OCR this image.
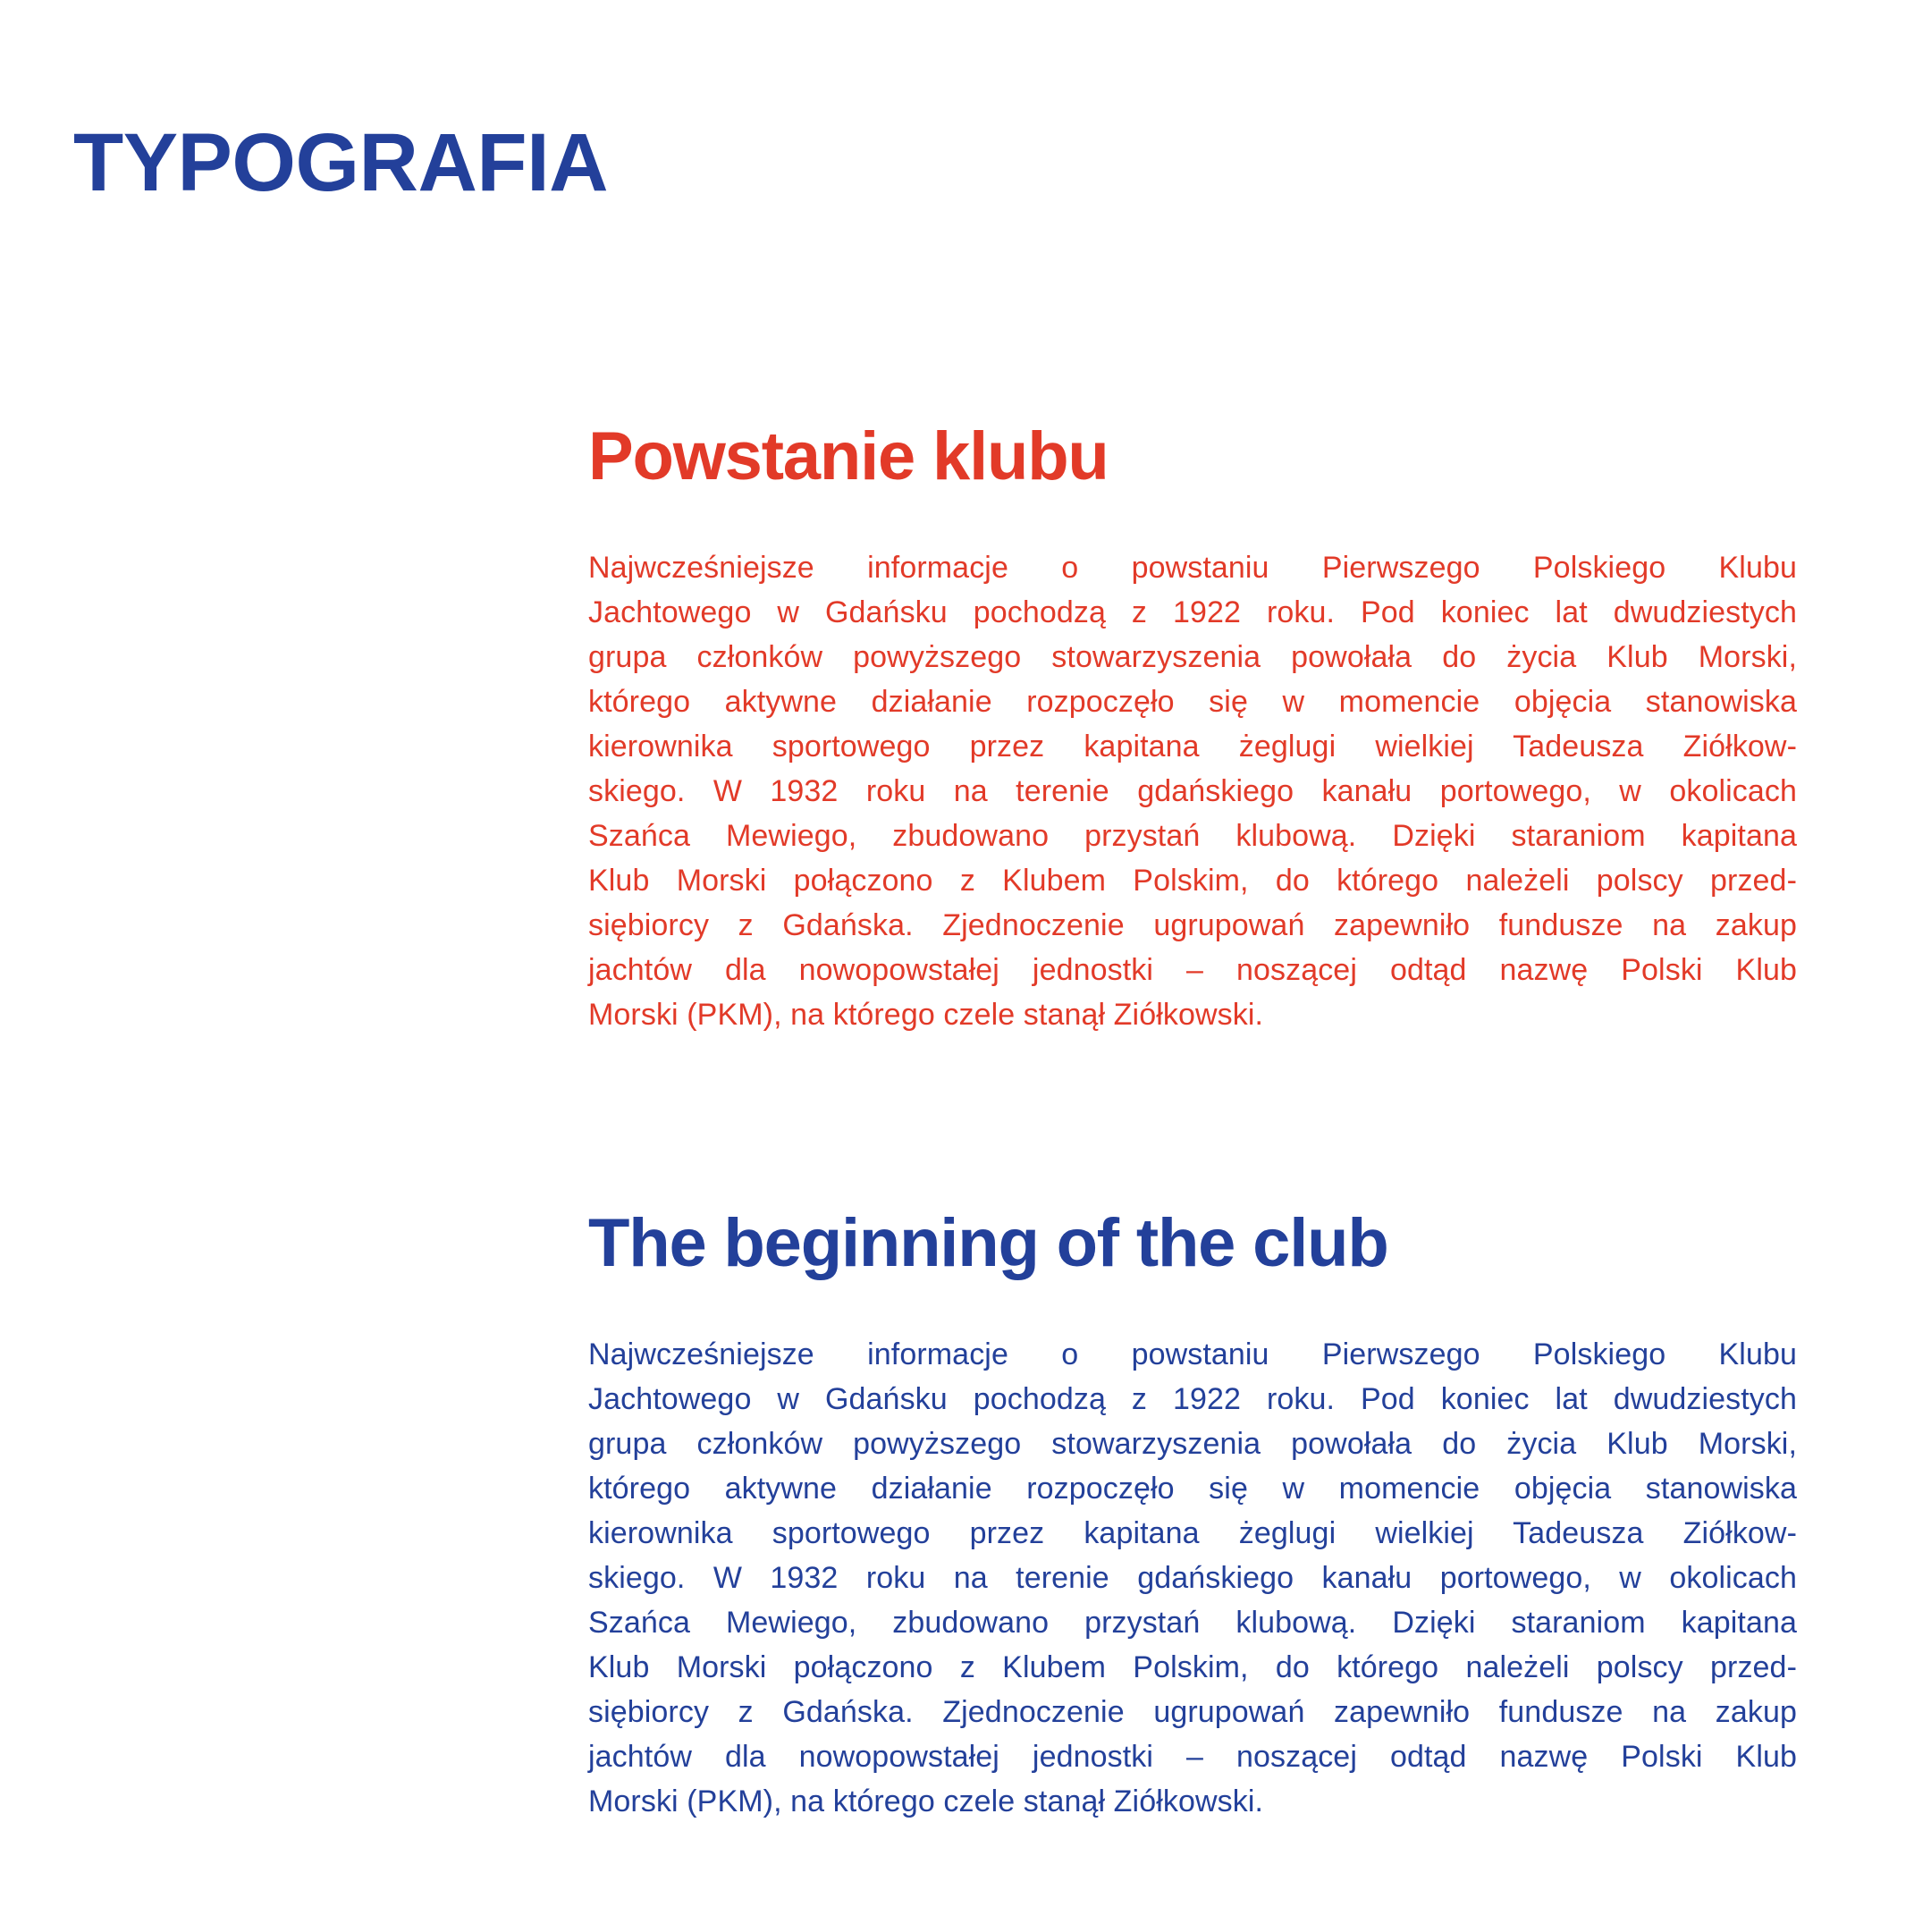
TYPOGRAFIA
Powstanie klubu
Najwcześniejsze informacje o powstaniu Pierwszego Polskiego Klubu
Jachtowego w Gdańsku pochodzą z 1922 roku. Pod koniec lat dwudziestych
grupa członków powyższego stowarzyszenia powołała do życia Klub Morski,
którego aktywne działanie rozpoczęło się w momencie objęcia stanowiska
kierownika sportowego przez kapitana żeglugi wielkiej Tadeusza Ziółkow-
skiego. W 1932 roku na terenie gdańskiego kanału portowego, w okolicach
Szańca Mewiego, zbudowano przystań klubową. Dzięki staraniom kapitana
Klub Morski połączono z Klubem Polskim, do którego należeli polscy przed-
siębiorcy z Gdańska. Zjednoczenie ugrupowań zapewniło fundusze na zakup
jachtów dla nowopowstałej jednostki – noszącej odtąd nazwę Polski Klub
Morski (PKM), na którego czele stanął Ziółkowski.
The beginning of the club
Najwcześniejsze informacje o powstaniu Pierwszego Polskiego Klubu
Jachtowego w Gdańsku pochodzą z 1922 roku. Pod koniec lat dwudziestych
grupa członków powyższego stowarzyszenia powołała do życia Klub Morski,
którego aktywne działanie rozpoczęło się w momencie objęcia stanowiska
kierownika sportowego przez kapitana żeglugi wielkiej Tadeusza Ziółkow-
skiego. W 1932 roku na terenie gdańskiego kanału portowego, w okolicach
Szańca Mewiego, zbudowano przystań klubową. Dzięki staraniom kapitana
Klub Morski połączono z Klubem Polskim, do którego należeli polscy przed-
siębiorcy z Gdańska. Zjednoczenie ugrupowań zapewniło fundusze na zakup
jachtów dla nowopowstałej jednostki – noszącej odtąd nazwę Polski Klub
Morski (PKM), na którego czele stanął Ziółkowski.
